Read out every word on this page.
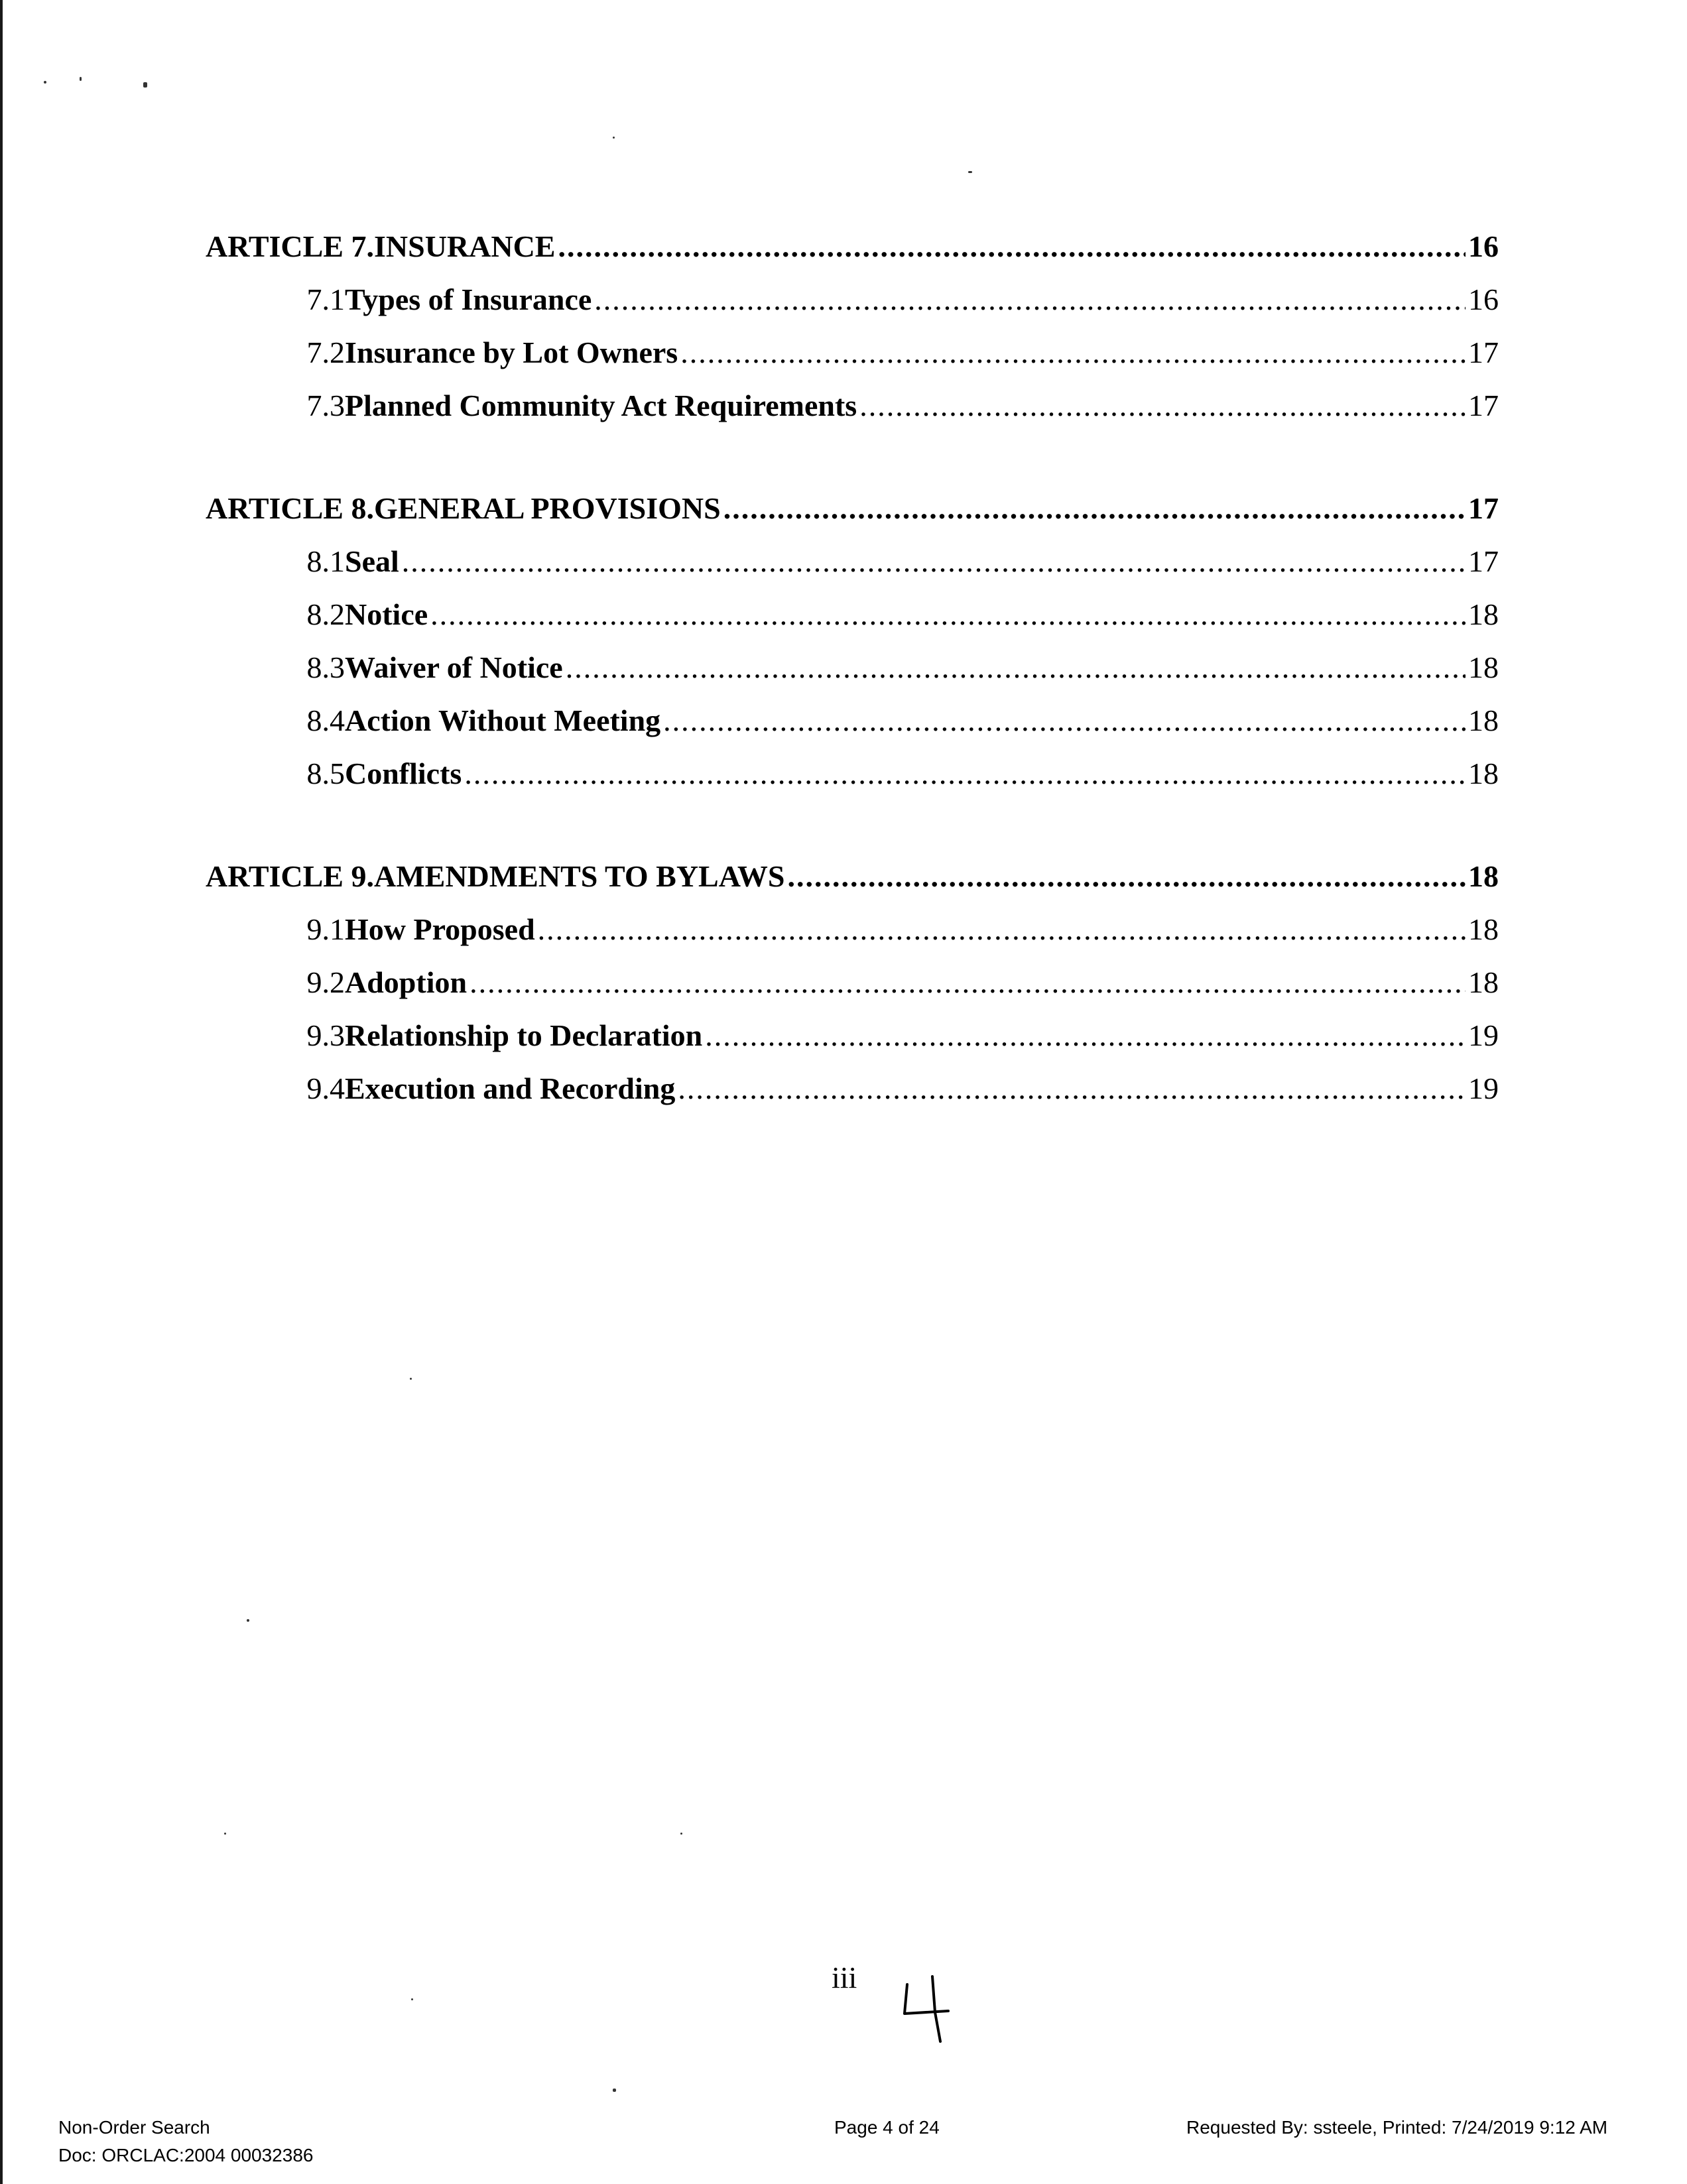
ARTICLE 7. INSURANCE .....	16
7.1 Types of Insurance .....	16
7.2 Insurance by Lot Owners .....	17
7.3 Planned Community Act Requirements .....	17
ARTICLE 8. GENERAL PROVISIONS .....	17
8.1 Seal .....	17
8.2 Notice .....	18
8.3 Waiver of Notice .....	18
8.4 Action Without Meeting .....	18
8.5 Conflicts .....	18
ARTICLE 9. AMENDMENTS TO BYLAWS .....	18
9.1 How Proposed .....	18
9.2 Adoption .....	18
9.3 Relationship to Declaration .....	19
9.4 Execution and Recording .....	19
iii
Non-Order Search
Doc: ORCLAC:2004 00032386
Page 4 of 24	Requested By: ssteele, Printed: 7/24/2019 9:12 AM
